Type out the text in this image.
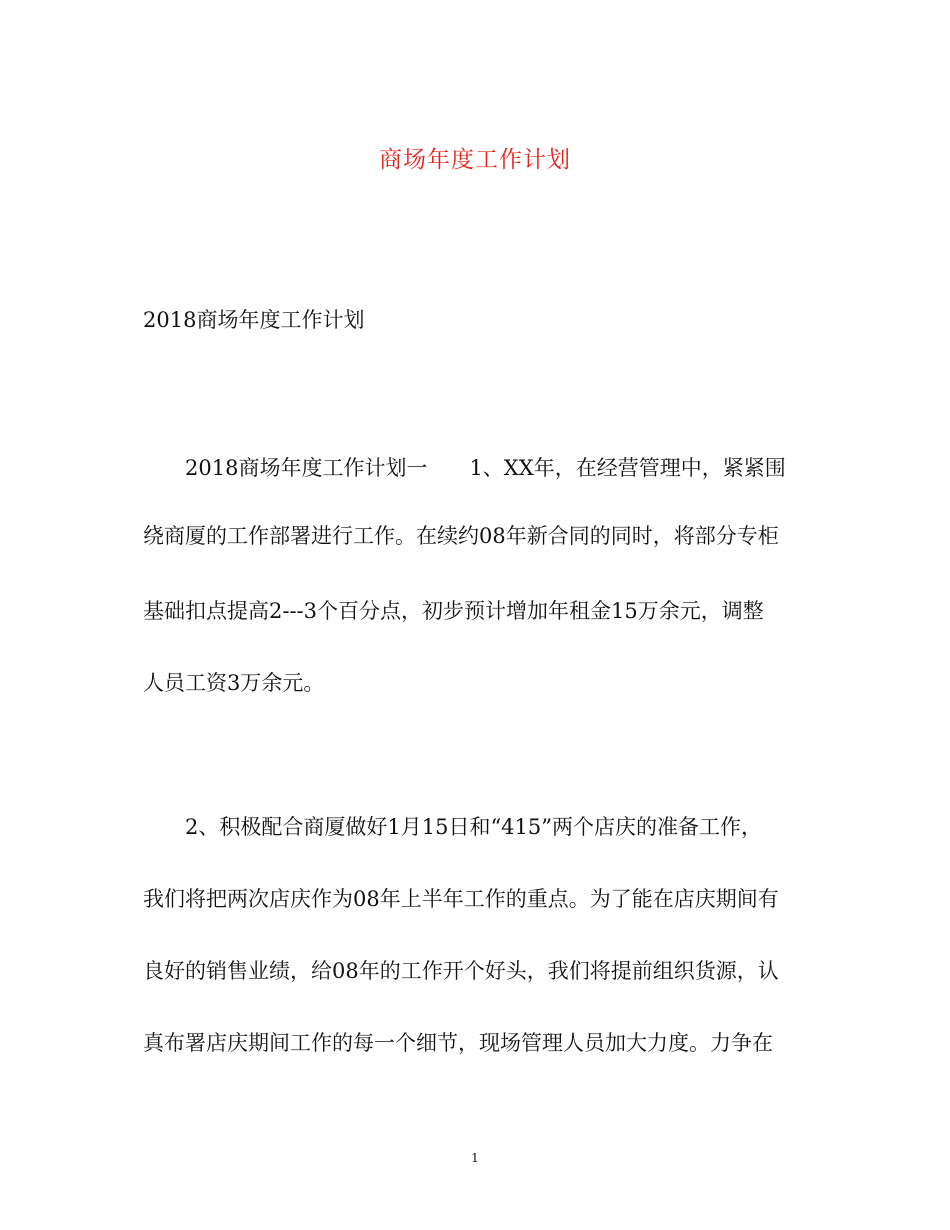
商场年度工作计划
2018商场年度工作计划
2018商场年度工作计划一　　1、XX年，在经营管理中，紧紧围
绕商厦的工作部署进行工作。在续约08年新合同的同时，将部分专柜
基础扣点提高2---3个百分点，初步预计增加年租金15万余元，调整
人员工资3万余元。
2、积极配合商厦做好1月15日和“415”两个店庆的准备工作，
我们将把两次店庆作为08年上半年工作的重点。为了能在店庆期间有
良好的销售业绩，给08年的工作开个好头，我们将提前组织货源，认
真布署店庆期间工作的每一个细节，现场管理人员加大力度。力争在
1
